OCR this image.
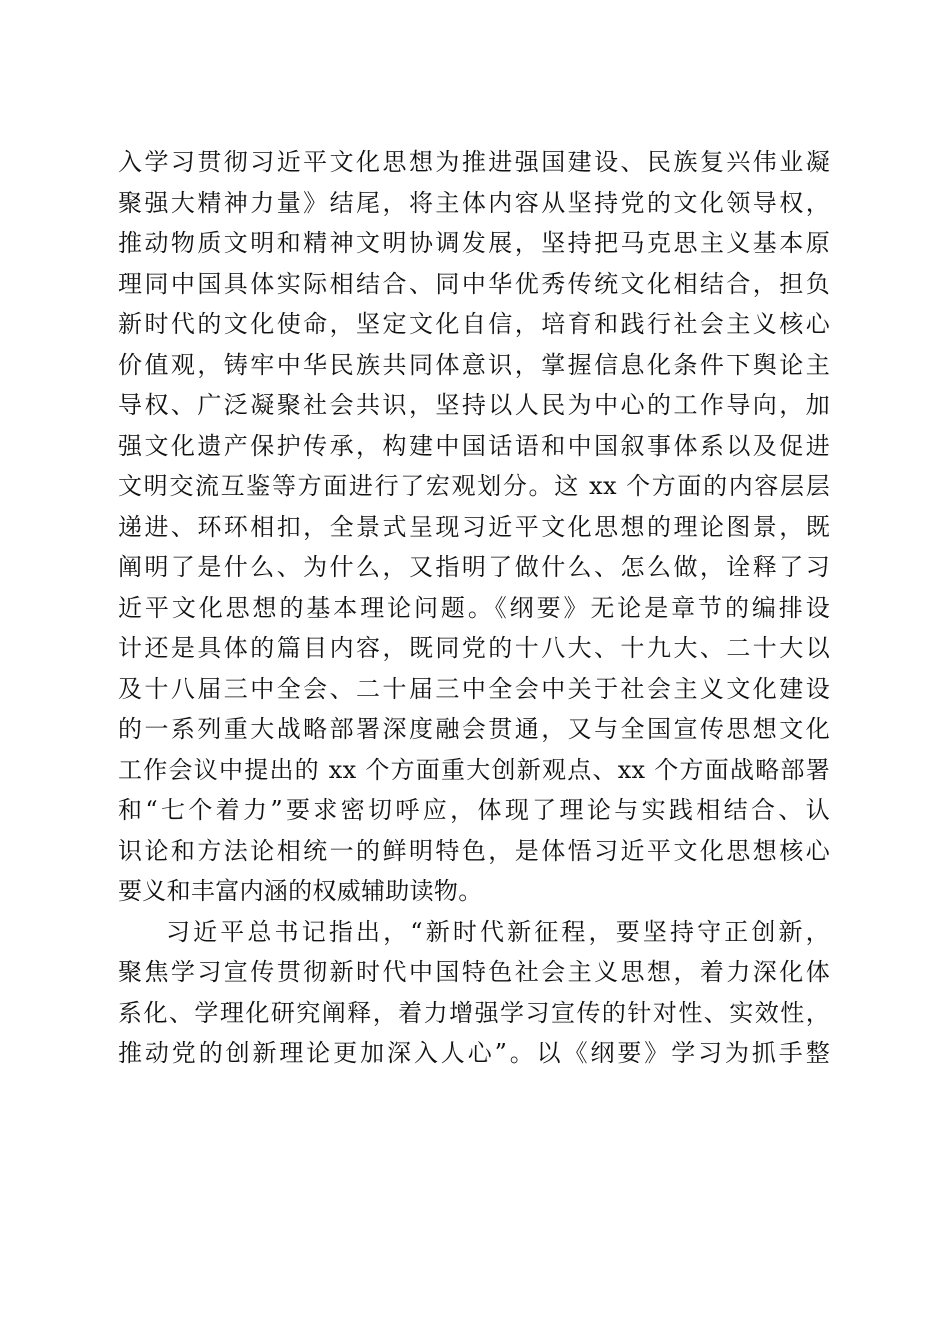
入学习贯彻习近平文化思想为推进强国建设、民族复兴伟业凝
聚强大精神力量》结尾，将主体内容从坚持党的文化领导权，
推动物质文明和精神文明协调发展，坚持把马克思主义基本原
理同中国具体实际相结合、同中华优秀传统文化相结合，担负
新时代的文化使命，坚定文化自信，培育和践行社会主义核心
价值观，铸牢中华民族共同体意识，掌握信息化条件下舆论主
导权、广泛凝聚社会共识，坚持以人民为中心的工作导向，加
强文化遗产保护传承，构建中国话语和中国叙事体系以及促进
文明交流互鉴等方面进行了宏观划分。这 xx 个方面的内容层层
递进、环环相扣，全景式呈现习近平文化思想的理论图景，既
阐明了是什么、为什么，又指明了做什么、怎么做，诠释了习
近平文化思想的基本理论问题。《纲要》无论是章节的编排设
计还是具体的篇目内容，既同党的十八大、十九大、二十大以
及十八届三中全会、二十届三中全会中关于社会主义文化建设
的一系列重大战略部署深度融会贯通，又与全国宣传思想文化
工作会议中提出的 xx 个方面重大创新观点、xx 个方面战略部署
和“七个着力”要求密切呼应，体现了理论与实践相结合、认
识论和方法论相统一的鲜明特色，是体悟习近平文化思想核心
要义和丰富内涵的权威辅助读物。
习近平总书记指出，“新时代新征程，要坚持守正创新，
聚焦学习宣传贯彻新时代中国特色社会主义思想，着力深化体
系化、学理化研究阐释，着力增强学习宣传的针对性、实效性，
推动党的创新理论更加深入人心”。以《纲要》学习为抓手整
